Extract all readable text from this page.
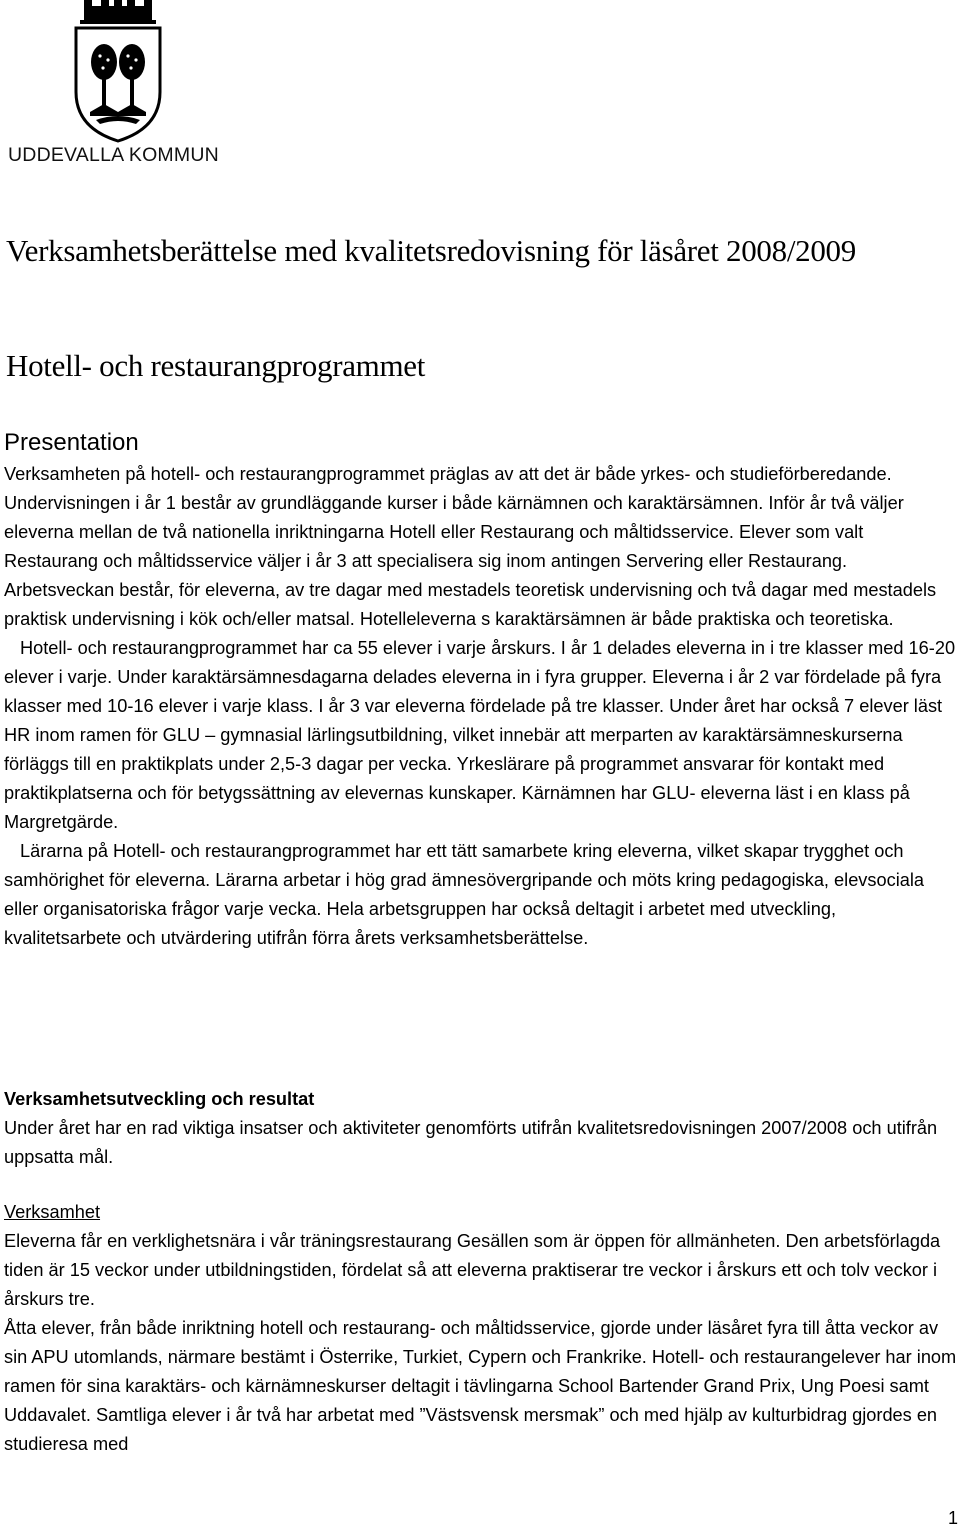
UDDEVALLA KOMMUN
Verksamhetsberättelse med kvalitetsredovisning för läsåret 2008/2009
Hotell- och restaurangprogrammet

Presentation

Verksamheten på hotell- och restaurangprogrammet präglas av att det är både yrkes- och studieförberedande. Undervisningen i år 1 består av grundläggande kurser i både kärnämnen och karaktärsämnen. Inför år två väljer eleverna mellan de två nationella inriktningarna Hotell eller Restaurang och måltidsservice. Elever som valt Restaurang och måltidsservice väljer i år 3 att specialisera sig inom antingen Servering eller Restaurang. Arbetsveckan består, för eleverna, av tre dagar med mestadels teoretisk undervisning och två dagar med mestadels praktisk undervisning i kök och/eller matsal. Hotelleleverna s karaktärsämnen är både praktiska och teoretiska.

Hotell- och restaurangprogrammet har ca 55 elever i varje årskurs. I år 1 delades eleverna in i tre klasser med 16-20 elever i varje. Under karaktärsämnesdagarna delades eleverna in i fyra grupper. Eleverna i år 2 var fördelade på fyra klasser med 10-16 elever i varje klass. I år 3 var eleverna fördelade på tre klasser. Under året har också 7 elever läst HR inom ramen för GLU – gymnasial lärlingsutbildning, vilket innebär att merparten av karaktärsämneskurserna förläggs till en praktikplats under 2,5-3 dagar per vecka. Yrkeslärare på programmet ansvarar för kontakt med praktikplatserna och för betygssättning av elevernas kunskaper. Kärnämnen har GLU- eleverna läst i en klass på Margretgärde.

Lärarna på Hotell- och restaurangprogrammet har ett tätt samarbete kring eleverna, vilket skapar trygghet och samhörighet för eleverna. Lärarna arbetar i hög grad ämnesövergripande och möts kring pedagogiska, elevsociala eller organisatoriska frågor varje vecka. Hela arbetsgruppen har också deltagit i arbetet med utveckling, kvalitetsarbete och utvärdering utifrån förra årets verksamhetsberättelse.

Verksamhetsutveckling och resultat

Under året har en rad viktiga insatser och aktiviteter genomförts utifrån kvalitetsredovisningen 2007/2008 och utifrån uppsatta mål.

Verksamhet

Eleverna får en verklighetsnära i vår träningsrestaurang Gesällen som är öppen för allmänheten. Den arbetsförlagda tiden är 15 veckor under utbildningstiden, fördelat så att eleverna praktiserar tre veckor i årskurs ett och tolv veckor i årskurs tre.

Åtta elever, från både inriktning hotell och restaurang- och måltidsservice, gjorde under läsåret fyra till åtta veckor av sin APU utomlands, närmare bestämt i Österrike, Turkiet, Cypern och Frankrike. Hotell- och restaurangelever har inom ramen för sina karaktärs- och kärnämneskurser deltagit i tävlingarna School Bartender Grand Prix, Ung Poesi samt Uddavalet. Samtliga elever i år två har arbetat med ”Västsvensk mersmak” och med hjälp av kulturbidrag gjordes en studieresa med

1
